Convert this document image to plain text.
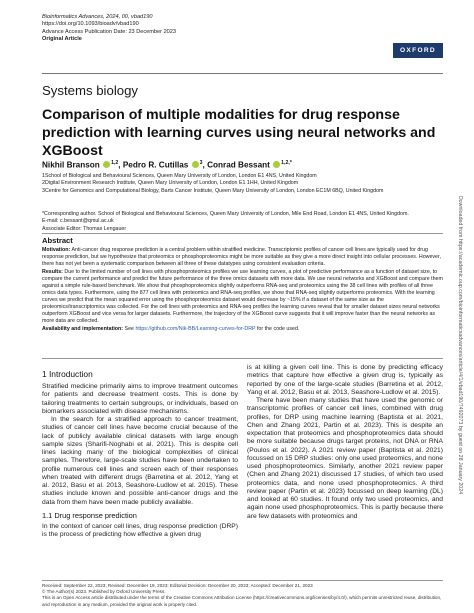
Bioinformatics Advances, 2024, 00, vbad190
https://doi.org/10.1093/bioadv/vbad190
Advance Access Publication Date: 23 December 2023
Original Article
OXFORD
Systems biology
Comparison of multiple modalities for drug response prediction with learning curves using neural networks and XGBoost
Nikhil Branson $^{1,2}$, Pedro R. Cutillas $^3$, Conrad Bessant $^{1,2,*}$
1School of Biological and Behavioural Sciences, Queen Mary University of London, London E1 4NS, United Kingdom
2Digital Environment Research Institute, Queen Mary University of London, London E1 1HH, United Kingdom
3Centre for Genomics and Computational Biology, Barts Cancer Institute, Queen Mary University of London, London EC1M 6BQ, United Kingdom
*Corresponding author. School of Biological and Behavioural Sciences, Queen Mary University of London, Mile End Road, London E1 4NS, United Kingdom.
E-mail: c.bessant@qmul.ac.uk
Associate Editor: Thomas Lengauer
Abstract
Motivation: Anti-cancer drug response prediction is a central problem within stratified medicine. Transcriptomic profiles of cancer cell lines are typically used for drug response prediction, but we hypothesize that proteomics or phosphoproteomics might be more suitable as they give a more direct insight into cellular processes. However, there has not yet been a systematic comparison between all three of these datatypes using consistent evaluation criteria.
Results: Due to the limited number of cell lines with phosphoproteomics profiles we use learning curves, a plot of predictive performance as a function of dataset size, to compare the current performance and predict the future performance of the three omics datasets with more data. We use neural networks and XGBoost and compare them against a simple rule-based benchmark. We show that phosphoproteomics slightly outperforms RNA-seq and proteomics using the 38 cell lines with profiles of all three omics data types. Furthermore, using the 877 cell lines with proteomics and RNA-seq profiles, we show that RNA-seq slightly outperforms proteomics. With the learning curves we predict that the mean squared error using the phosphoproteomics dataset would decrease by ~15% if a dataset of the same size as the proteomics/transcriptomics was collected. For the cell lines with proteomics and RNA-seq profiles the learning curves reveal that for smaller dataset sizes neural networks outperform XGBoost and vice versa for larger datasets. Furthermore, the trajectory of the XGBoost curve suggests that it will improve faster than the neural networks as more data are collected.
Availability and implementation: See https://github.com/Nik-BB/Learning-curves-for-DRP for the code used.
1 Introduction

Stratified medicine primarily aims to improve treatment outcomes for patients and decrease treatment costs. This is done by tailoring treatments to certain subgroups, or individuals, based on biomarkers associated with disease mechanisms.

In the search for a stratified approach to cancer treatment, studies of cancer cell lines have become crucial because of the lack of publicly available clinical datasets with large enough sample sizes (Sharifi-Noghabi et al. 2021). This is despite cell lines lacking many of the biological complexities of clinical samples. Therefore, large-scale studies have been undertaken to profile numerous cell lines and screen each of their responses when treated with different drugs (Barretina et al. 2012, Yang et al. 2012, Basu et al. 2013, Seashore-Ludlow et al. 2015). These studies include known and possible anti-cancer drugs and the data from them have been made publicly available.

1.1 Drug response prediction

In the context of cancer cell lines, drug response prediction (DRP) is the process of predicting how effective a given drug

is at killing a given cell line. This is done by predicting efficacy metrics that capture how effective a given drug is, typically as reported by one of the large-scale studies (Barretina et al. 2012, Yang et al. 2012, Basu et al. 2013, Seashore-Ludlow et al. 2015).

There have been many studies that have used the genomic or transcriptomic profiles of cancer cell lines, combined with drug profiles, for DRP using machine learning (Baptista et al. 2021, Chen and Zhang 2021, Partin et al. 2023). This is despite an expectation that proteomics and phosphoproteomics data should be more suitable because drugs target proteins, not DNA or RNA (Poulos et al. 2022). A 2021 review paper (Baptista et al. 2021) focussed on 15 DRP studies: only one used proteomics, and none used phosphoproteomics. Similarly, another 2021 review paper (Chen and Zhang 2021) discussed 17 studies, of which two used proteomics data, and none used phosphoproteomics. A third review paper (Partin et al. 2023) focussed on deep learning (DL) and looked at 60 studies. It found only two used proteomics, and again none used phosphoproteomics. This is partly because there are few datasets with proteomics and

Received: September 22, 2023; Revised: December 19, 2023; Editorial Decision: December 20, 2023; Accepted: December 21, 2023
© The Author(s) 2023. Published by Oxford University Press.
This is an Open Access article distributed under the terms of the Creative Commons Attribution License (https://creativecommons.org/licenses/by/4.0/), which permits unrestricted reuse, distribution, and reproduction in any medium, provided the original work is properly cited.
Downloaded from https://academic.oup.com/bioinformaticsadvances/article/4/1/vbad190/7492073 by guest on 28 January 2024
